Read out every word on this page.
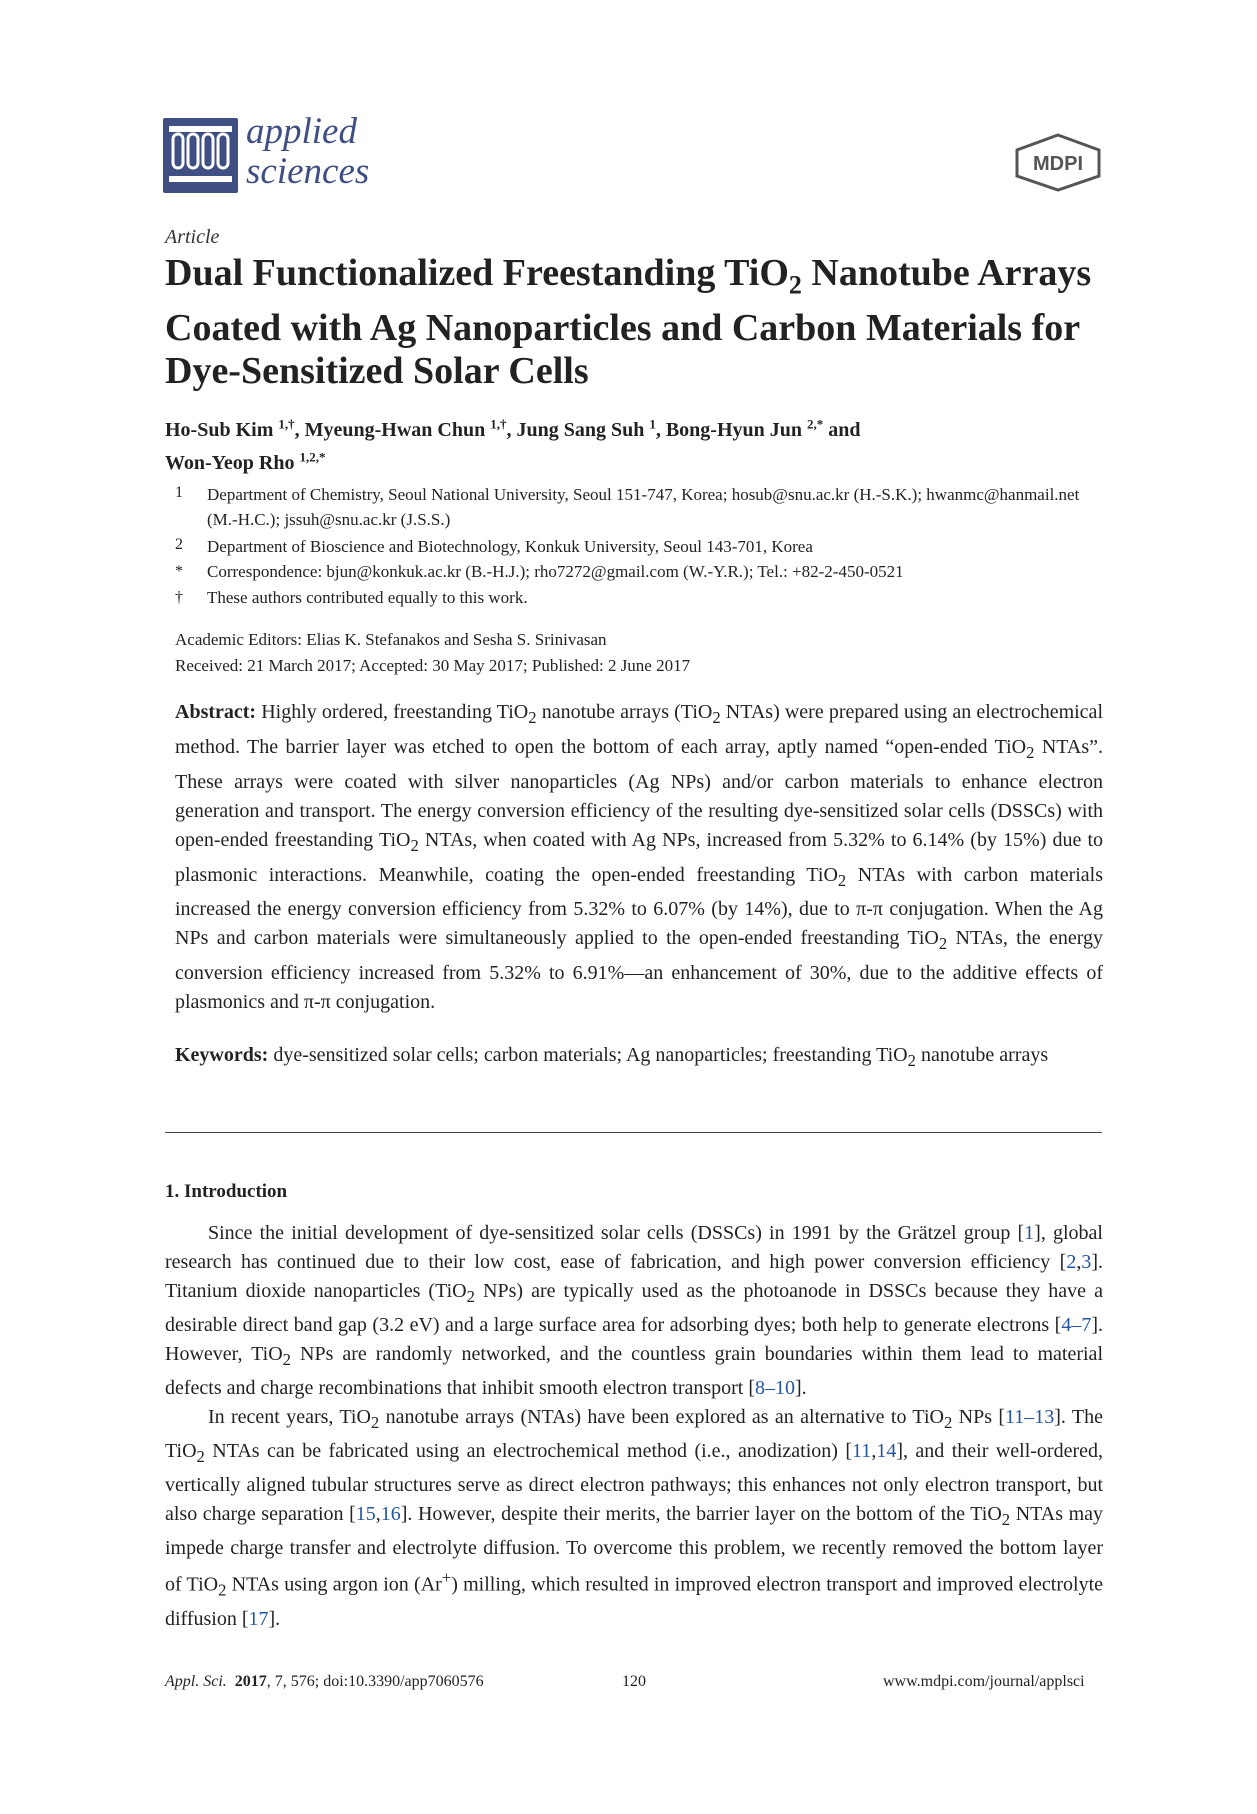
applied
sciences	MDPI
Article
Dual Functionalized Freestanding TiO$_2$ Nanotube Arrays Coated with Ag Nanoparticles and Carbon Materials for Dye-Sensitized Solar Cells
Ho-Sub Kim $^{1,\dagger}$, Myeung-Hwan Chun $^{1,\dagger}$, Jung Sang Suh $^1$, Bong-Hyun Jun $^{2,*}$ and
Won-Yeop Rho $^{1,2,*}$
1 Department of Chemistry, Seoul National University, Seoul 151-747, Korea; hosub@snu.ac.kr (H.-S.K.); hwanmc@hanmail.net (M.-H.C.); jssuh@snu.ac.kr (J.S.S.)
2 Department of Bioscience and Biotechnology, Konkuk University, Seoul 143-701, Korea
* Correspondence: bjun@konkuk.ac.kr (B.-H.J.); rho7272@gmail.com (W.-Y.R.); Tel.: +82-2-450-0521
† These authors contributed equally to this work.
Academic Editors: Elias K. Stefanakos and Sesha S. Srinivasan
Received: 21 March 2017; Accepted: 30 May 2017; Published: 2 June 2017
Abstract: Highly ordered, freestanding TiO$_2$ nanotube arrays (TiO$_2$ NTAs) were prepared using an electrochemical method. The barrier layer was etched to open the bottom of each array, aptly named “open-ended TiO$_2$ NTAs”. These arrays were coated with silver nanoparticles (Ag NPs) and/or carbon materials to enhance electron generation and transport. The energy conversion efficiency of the resulting dye-sensitized solar cells (DSSCs) with open-ended freestanding TiO$_2$ NTAs, when coated with Ag NPs, increased from 5.32% to 6.14% (by 15%) due to plasmonic interactions. Meanwhile, coating the open-ended freestanding TiO$_2$ NTAs with carbon materials increased the energy conversion efficiency from 5.32% to 6.07% (by 14%), due to π-π conjugation. When the Ag NPs and carbon materials were simultaneously applied to the open-ended freestanding TiO$_2$ NTAs, the energy conversion efficiency increased from 5.32% to 6.91%—an enhancement of 30%, due to the additive effects of plasmonics and π-π conjugation.
Keywords: dye-sensitized solar cells; carbon materials; Ag nanoparticles; freestanding TiO$_2$ nanotube arrays
1. Introduction

Since the initial development of dye-sensitized solar cells (DSSCs) in 1991 by the Grätzel group [1], global research has continued due to their low cost, ease of fabrication, and high power conversion efficiency [2,3]. Titanium dioxide nanoparticles (TiO$_2$ NPs) are typically used as the photoanode in DSSCs because they have a desirable direct band gap (3.2 eV) and a large surface area for adsorbing dyes; both help to generate electrons [4–7]. However, TiO$_2$ NPs are randomly networked, and the countless grain boundaries within them lead to material defects and charge recombinations that inhibit smooth electron transport [8–10].

In recent years, TiO$_2$ nanotube arrays (NTAs) have been explored as an alternative to TiO$_2$ NPs [11–13]. The TiO$_2$ NTAs can be fabricated using an electrochemical method (i.e., anodization) [11,14], and their well-ordered, vertically aligned tubular structures serve as direct electron pathways; this enhances not only electron transport, but also charge separation [15,16]. However, despite their merits, the barrier layer on the bottom of the TiO$_2$ NTAs may impede charge transfer and electrolyte diffusion. To overcome this problem, we recently removed the bottom layer of TiO$_2$ NTAs using argon ion (Ar+) milling, which resulted in improved electron transport and improved electrolyte diffusion [17].

Appl. Sci. 2017, 7, 576; doi:10.3390/app7060576	120	www.mdpi.com/journal/applsci
